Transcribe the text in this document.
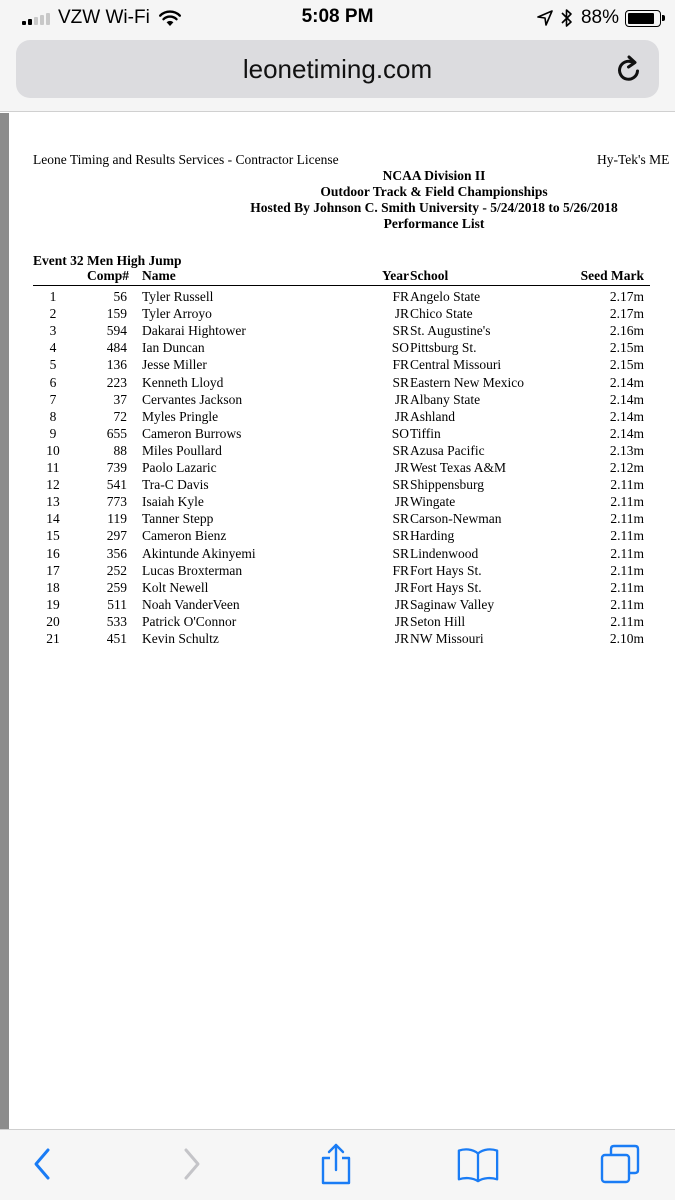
VZW Wi-Fi	5:08 PM	88%
leonetiming.com
Leone Timing and Results Services - Contractor License	Hy-Tek's ME
NCAA Division II
Outdoor Track & Field Championships
Hosted By Johnson C. Smith University - 5/24/2018 to 5/26/2018
Performance List
Event 32 Men High Jump
Comp# Name	Year School	Seed Mark
1	56 Tyler Russell	FR Angelo State	2.17m
2	159 Tyler Arroyo	JR Chico State	2.17m
3	594 Dakarai Hightower	SR St. Augustine's	2.16m
4	484 Ian Duncan	SO Pittsburg St.	2.15m
5	136 Jesse Miller	FR Central Missouri	2.15m
6	223 Kenneth Lloyd	SR Eastern New Mexico	2.14m
7	37 Cervantes Jackson	JR Albany State	2.14m
8	72 Myles Pringle	JR Ashland	2.14m
9	655 Cameron Burrows	SO Tiffin	2.14m
10	88 Miles Poullard	SR Azusa Pacific	2.13m
11	739 Paolo Lazaric	JR West Texas A&M	2.12m
12	541 Tra-C Davis	SR Shippensburg	2.11m
13	773 Isaiah Kyle	JR Wingate	2.11m
14	119 Tanner Stepp	SR Carson-Newman	2.11m
15	297 Cameron Bienz	SR Harding	2.11m
16	356 Akintunde Akinyemi	SR Lindenwood	2.11m
17	252 Lucas Broxterman	FR Fort Hays St.	2.11m
18	259 Kolt Newell	JR Fort Hays St.	2.11m
19	511 Noah VanderVeen	JR Saginaw Valley	2.11m
20	533 Patrick O'Connor	JR Seton Hill	2.11m
21	451 Kevin Schultz	JR NW Missouri	2.10m
